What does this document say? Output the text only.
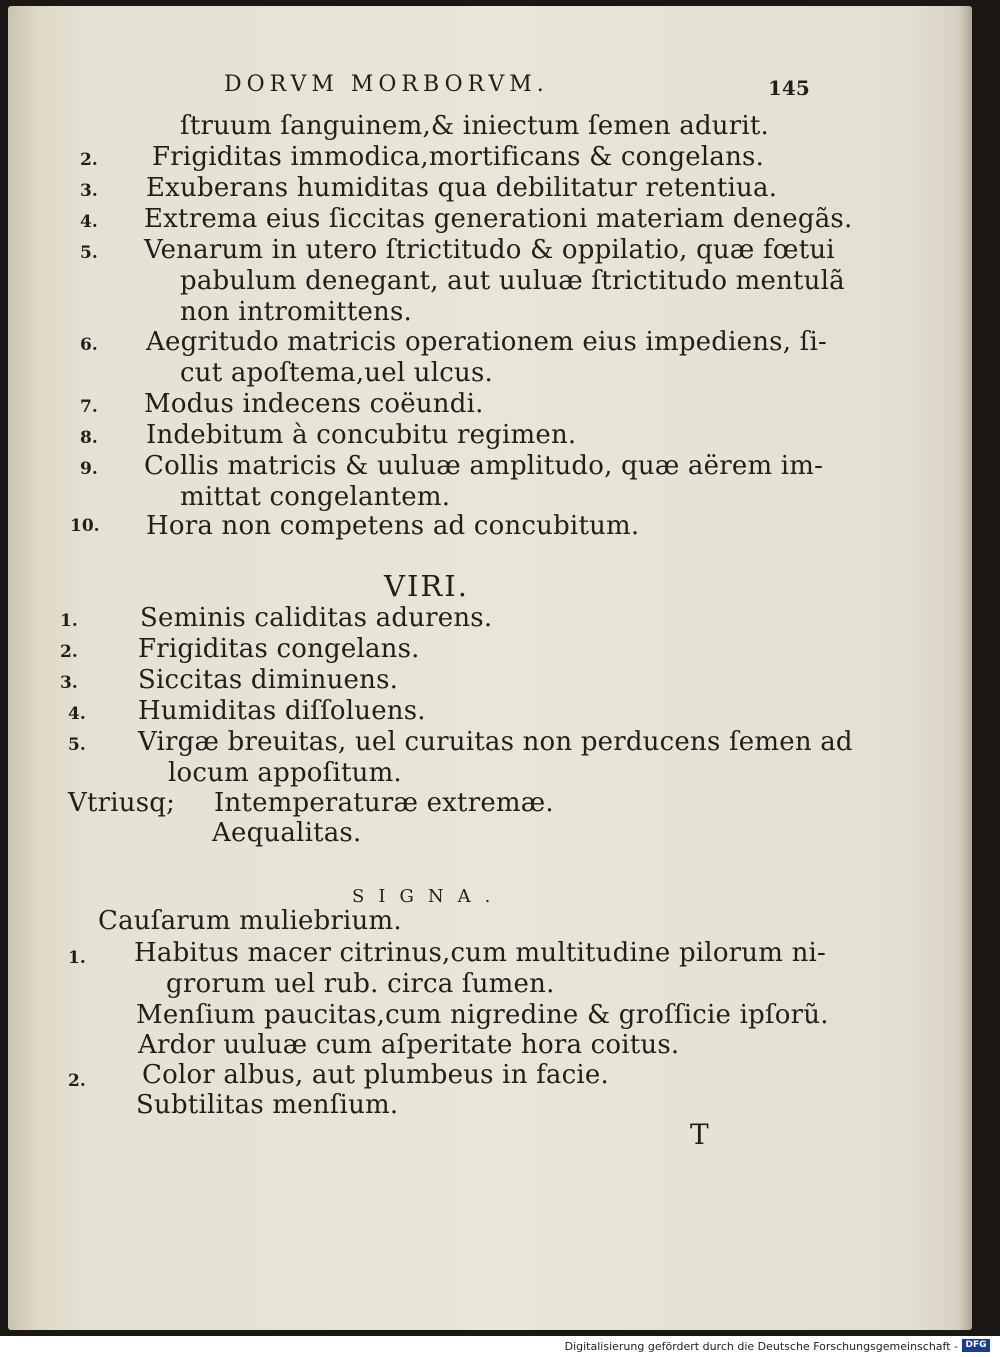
DORVM MORBORVM.	145
2.
3.
4.
5.
6.
7.
8.
9.
10.
ſtruum ſanguinem,& iniectum ſemen adurit.
Frigiditas immodica,mortificans & congelans.
Exuberans humiditas qua debilitatur retentiua.
Extrema eius ſiccitas generationi materiam denegãs.
Venarum in utero ſtrictitudo & oppilatio, quæ fœtui
pabulum denegant, aut uuluæ ſtrictitudo mentulã
non intromittens.
Aegritudo matricis operationem eius impediens, ſi-
cut apoſtema,uel ulcus.
Modus indecens coëundi.
Indebitum à concubitu regimen.
Collis matricis & uuluæ amplitudo, quæ aërem im-
mittat congelantem.
Hora non competens ad concubitum.
VIRI.
1.
2.
3.
4.
5.
Seminis caliditas adurens.
Frigiditas congelans.
Siccitas diminuens.
Humiditas diſſoluens.
Virgæ breuitas, uel curuitas non perducens ſemen ad
locum appoſitum.
Vtriusq; Intemperaturæ extremæ.
Aequalitas.
SIGNA.
Cauſarum muliebrium.
1.
2.
Habitus macer citrinus,cum multitudine pilorum ni-
grorum uel rub. circa ſumen.
Menſium paucitas,cum nigredine & groſſicie ipſorũ.
Ardor uuluæ cum aſperitate hora coitus.
Color albus, aut plumbeus in facie.
Subtilitas menſium.
T
Digitalisierung gefördert durch die Deutsche Forschungsgemeinschaft - DFG
